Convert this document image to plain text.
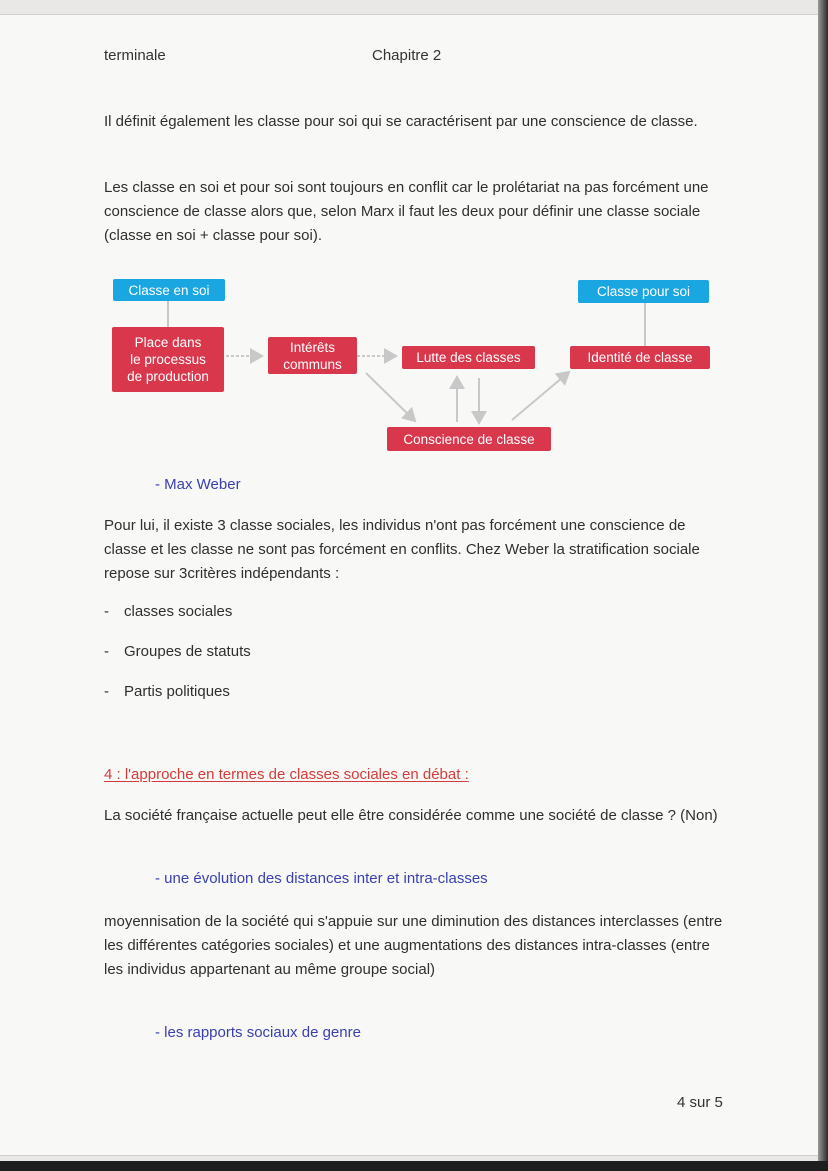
terminale	Chapitre 2

Il définit également les classe pour soi qui se caractérisent par une conscience de classe.

Les classe en soi et pour soi sont toujours en conflit car le prolétariat na pas forcément une conscience de classe alors que, selon Marx il faut les deux pour définir une classe sociale (classe en soi + classe pour soi).

Classe en soi	Classe pour soi
Place dans
le processus
de production
Intérêts
communs	Lutte des classes	Identité de classe
Conscience de classe
- Max Weber

Pour lui, il existe 3 classe sociales, les individus n'ont pas forcément une conscience de classe et les classe ne sont pas forcément en conflits. Chez Weber la stratification sociale repose sur 3critères indépendants :

- classes sociales
- Groupes de statuts
- Partis politiques
4 : l'approche en termes de classes sociales en débat :

La société française actuelle peut elle être considérée comme une société de classe ? (Non)

- une évolution des distances inter et intra-classes

moyennisation de la société qui s'appuie sur une diminution des distances interclasses (entre les différentes catégories sociales) et une augmentations des distances intra-classes (entre les individus appartenant au même groupe social)

- les rapports sociaux de genre
4 sur 5
